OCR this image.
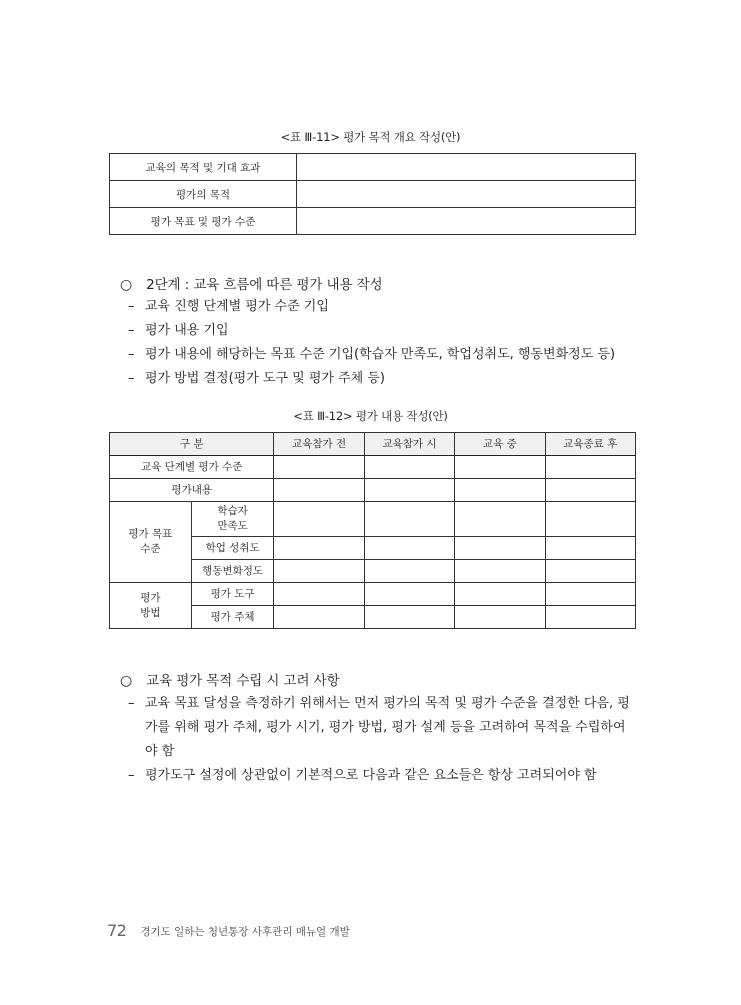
<표 Ⅲ-11> 평가 목적 개요 작성(안)
교육의 목적 및 기대 효과	
평가의 목적	
평가 목표 및 평가 수준	
○ 2단계 : 교육 흐름에 따른 평가 내용 작성
– 교육 진행 단계별 평가 수준 기입
– 평가 내용 기입
– 평가 내용에 해당하는 목표 수준 기입(학습자 만족도, 학업성취도, 행동변화정도 등)
– 평가 방법 결정(평가 도구 및 평가 주체 등)
<표 Ⅲ-12> 평가 내용 작성(안)
구 분		교육참가 전	교육참가 시	교육 중	교육종료 후
교육 단계별 평가 수준					
평가내용					
평가 목표 수준	학습자 만족도				
	학업 성취도				
	행동변화정도				
평가 방법	평가 도구				
	평가 주체				
○ 교육 평가 목적 수립 시 고려 사항
– 교육 목표 달성을 측정하기 위해서는 먼저 평가의 목적 및 평가 수준을 결정한 다음, 평가를 위해 평가 주체, 평가 시기, 평가 방법, 평가 설계 등을 고려하여 목적을 수립하여야 함
– 평가도구 설정에 상관없이 기본적으로 다음과 같은 요소들은 항상 고려되어야 함
72 경기도 일하는 청년통장 사후관리 매뉴얼 개발
